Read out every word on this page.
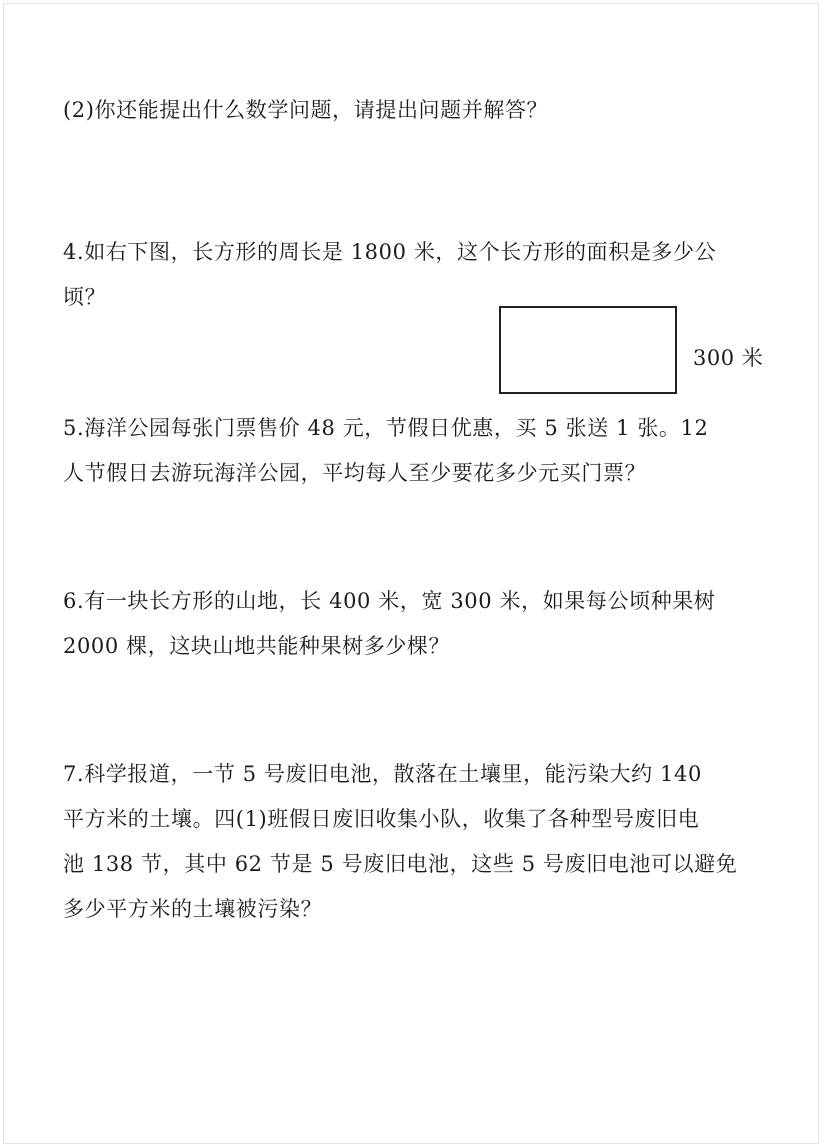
(2)你还能提出什么数学问题，请提出问题并解答？
4.如右下图，长方形的周长是 1800 米，这个长方形的面积是多少公
顷？
300 米
5.海洋公园每张门票售价 48 元，节假日优惠，买 5 张送 1 张。12
人节假日去游玩海洋公园，平均每人至少要花多少元买门票？
6.有一块长方形的山地，长 400 米，宽 300 米，如果每公顷种果树
2000 棵，这块山地共能种果树多少棵？
7.科学报道，一节 5 号废旧电池，散落在土壤里，能污染大约 140
平方米的土壤。四(1)班假日废旧收集小队，收集了各种型号废旧电
池 138 节，其中 62 节是 5 号废旧电池，这些 5 号废旧电池可以避免
多少平方米的土壤被污染？
